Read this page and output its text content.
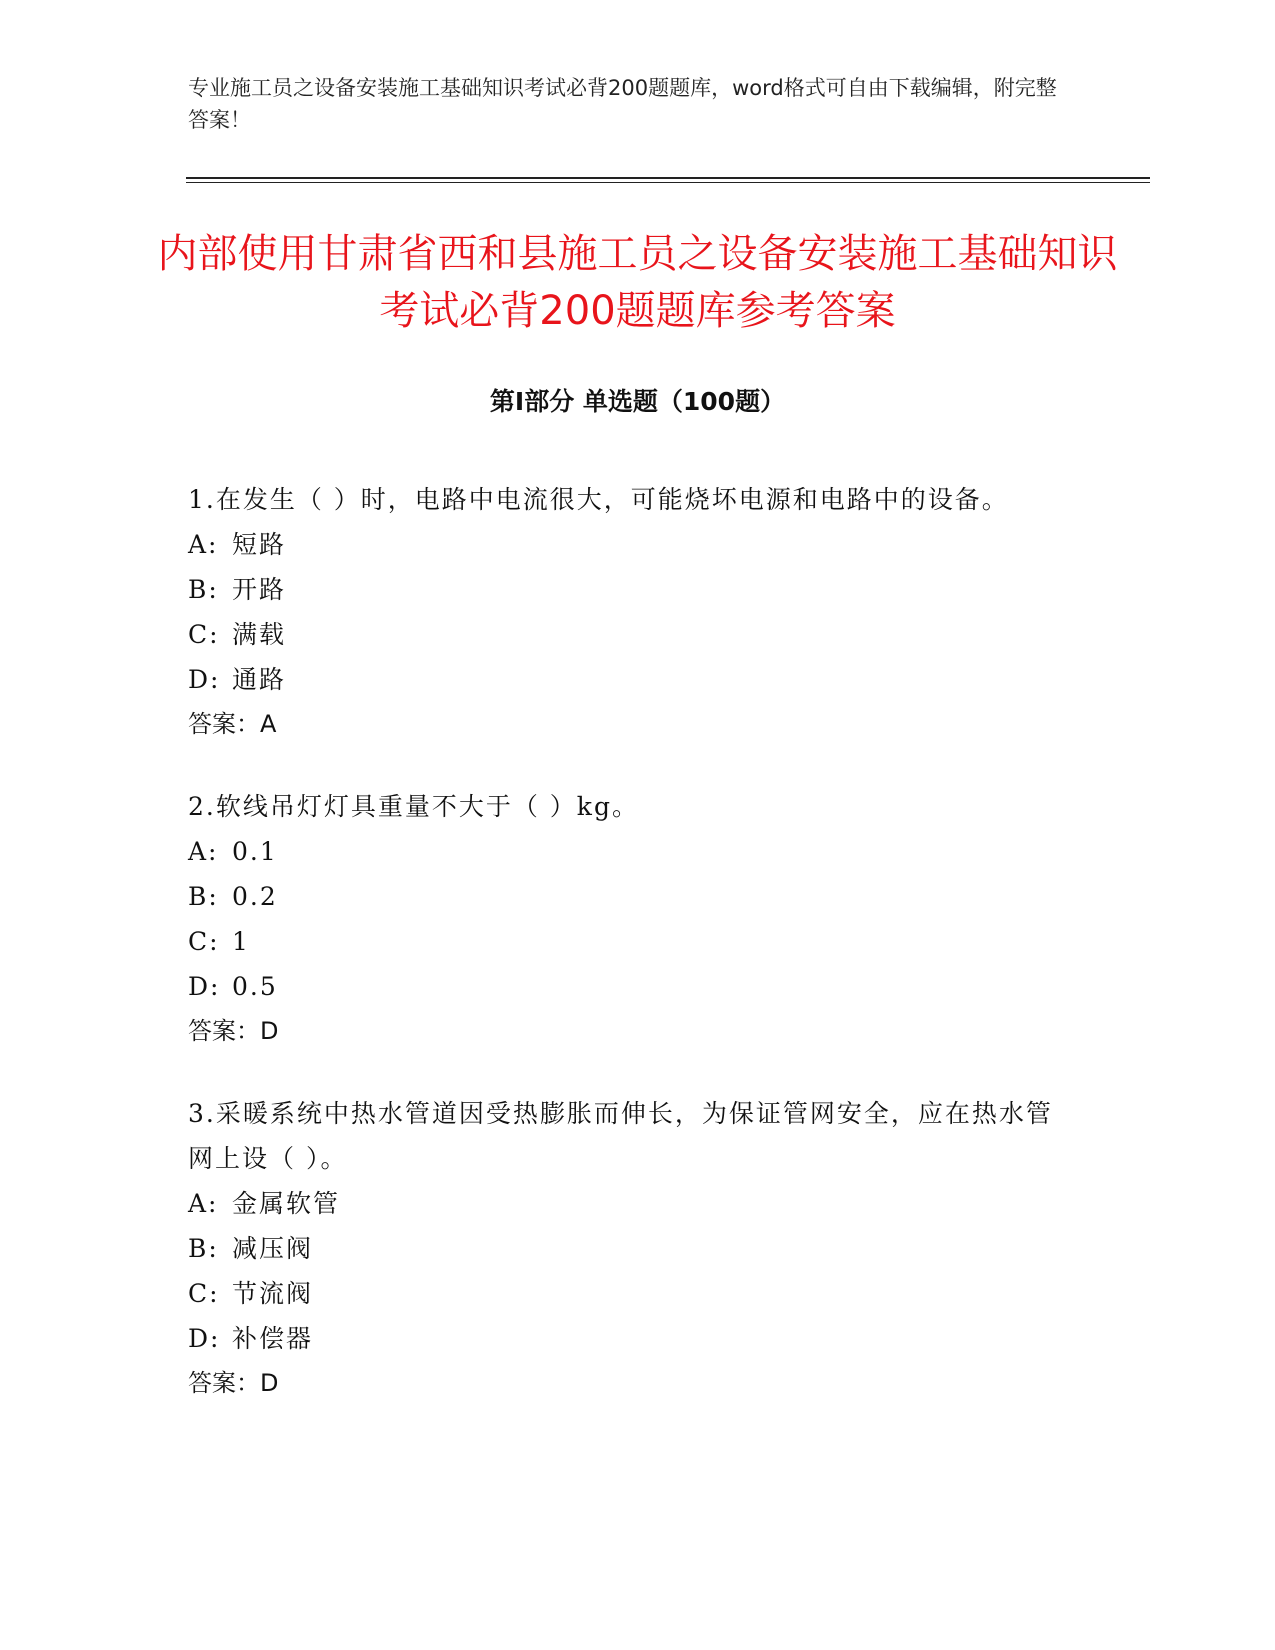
专业施工员之设备安装施工基础知识考试必背200题题库，word格式可自由下载编辑，附完整答案！
内部使用甘肃省西和县施工员之设备安装施工基础知识考试必背200题题库参考答案
第Ⅰ部分 单选题（100题）
1.在发生（ ）时，电路中电流很大，可能烧坏电源和电路中的设备。
A: 短路
B: 开路
C: 满载
D: 通路
答案：A
2.软线吊灯灯具重量不大于（ ）kg。
A: 0.1
B: 0.2
C: 1
D: 0.5
答案：D
3.采暖系统中热水管道因受热膨胀而伸长，为保证管网安全，应在热水管网上设（ ）。
A: 金属软管
B: 减压阀
C: 节流阀
D: 补偿器
答案：D
